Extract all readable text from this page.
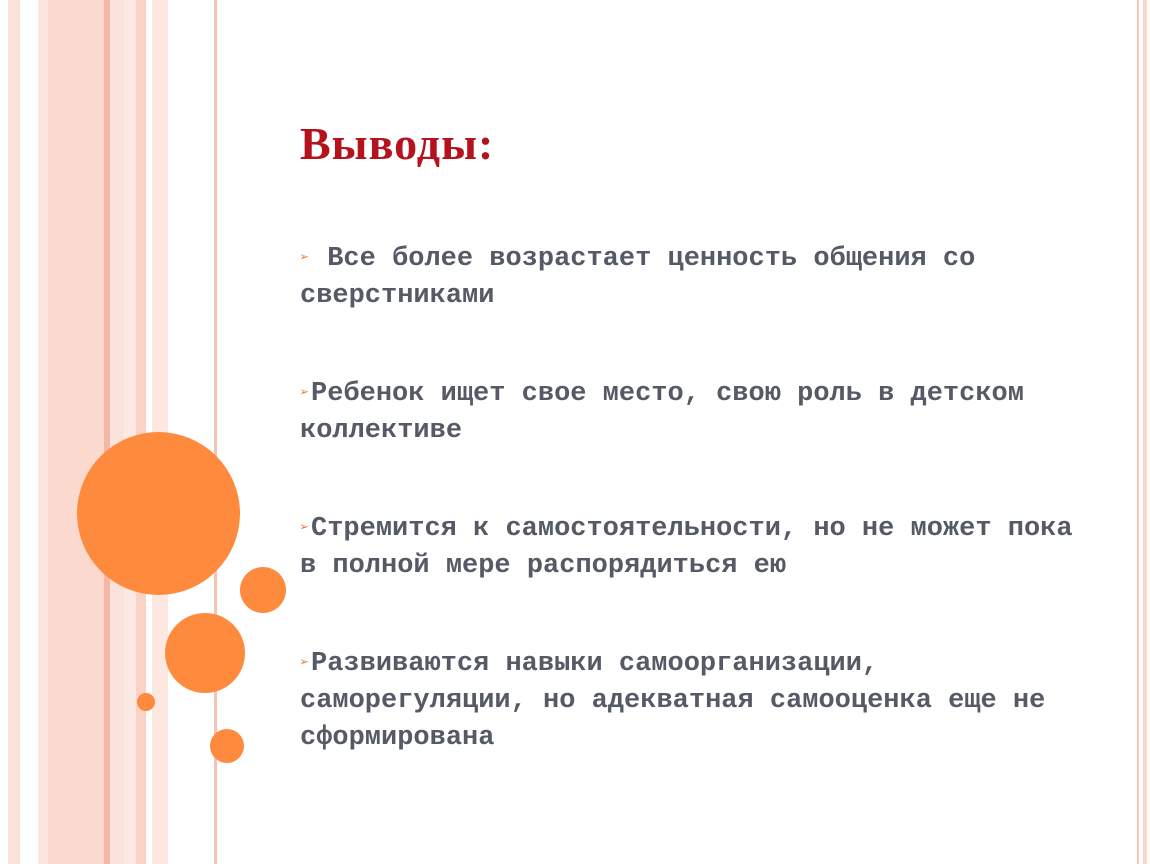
Выводы:
➢ Все более возрастает ценность общения со сверстниками
➢Ребенок ищет свое место, свою роль в детском коллективе
➢Стремится к самостоятельности, но не может пока в полной мере распорядиться ею
➢Развиваются навыки самоорганизации, саморегуляции, но адекватная самооценка еще не сформирована
